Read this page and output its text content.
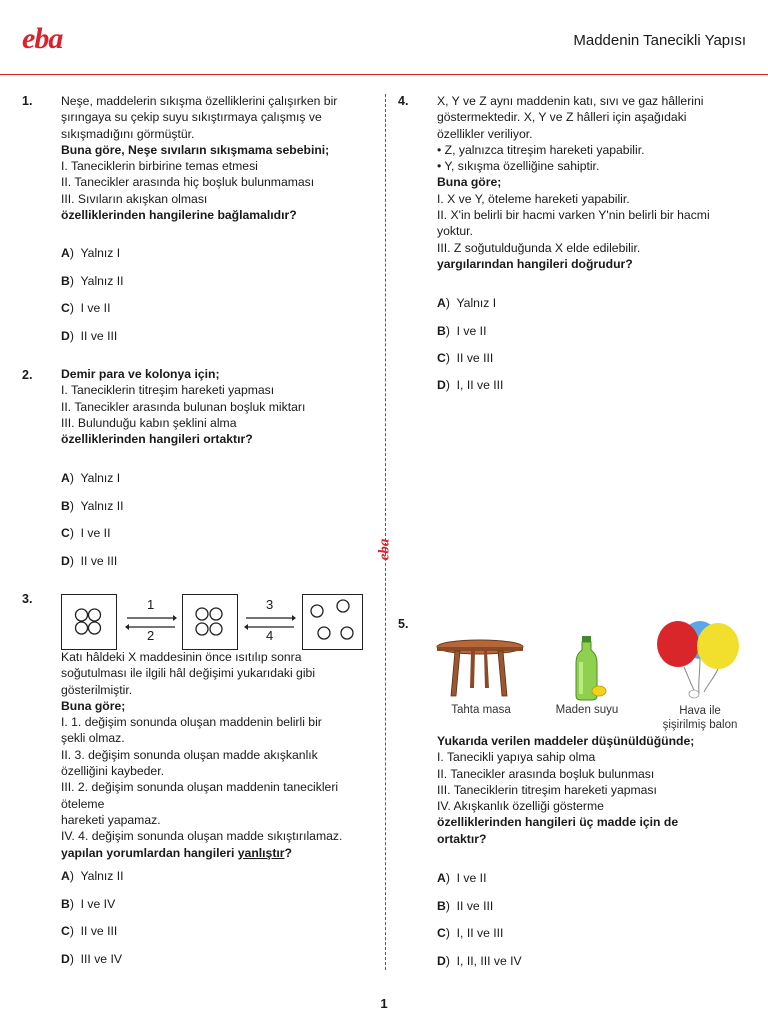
eba	Maddenin Tanecikli Yapısı
eba
1. Neşe, maddelerin sıkışma özelliklerini çalışırken bir

şırıngaya su çekip suyu sıkıştırmaya çalışmış ve

sıkışmadığını görmüştür.

Buna göre, Neşe sıvıların sıkışmama sebebini;

I. Taneciklerin birbirine temas etmesi

II. Tanecikler arasında hiç boşluk bulunmaması

III. Sıvıların akışkan olması

özelliklerinden hangilerine bağlamalıdır?

A)  Yalnız I
B)  Yalnız II
C)  I ve II
D)  II ve III
2. Demir para ve kolonya için;

I. Taneciklerin titreşim hareketi yapması

II. Tanecikler arasında bulunan boşluk miktarı

III. Bulunduğu kabın şeklini alma

özelliklerinden hangileri ortaktır?

A)  Yalnız I
B)  Yalnız II
C)  I ve II
D)  II ve III
3.	1
2
3
4

Katı hâldeki X maddesinin önce ısıtılıp sonra

soğutulması ile ilgili hâl değişimi yukarıdaki gibi

gösterilmiştir.

Buna göre;

I. 1. değişim sonunda oluşan maddenin belirli bir

şekli olmaz.

II. 3. değişim sonunda oluşan madde akışkanlık

özelliğini kaybeder.

III. 2. değişim sonunda oluşan maddenin tanecikleri öteleme

hareketi yapamaz.

IV. 4. değişim sonunda oluşan madde sıkıştırılamaz.

yapılan yorumlardan hangileri yanlıştır?

A)  Yalnız II
B)  I ve IV
C)  II ve III
D)  III ve IV
4. X, Y ve Z aynı maddenin katı, sıvı ve gaz hâllerini

göstermektedir. X, Y ve Z hâlleri için aşağıdaki

özellikler veriliyor.

• Z, yalnızca titreşim hareketi yapabilir.

• Y, sıkışma özelliğine sahiptir.

Buna göre;

I. X ve Y, öteleme hareketi yapabilir.

II. X'in belirli bir hacmi varken Y'nin belirli bir hacmi

yoktur.

III. Z soğutulduğunda X elde edilebilir.

yargılarından hangileri doğrudur?

A)  Yalnız I
B)  I ve II
C)  II ve III
D)  I, II ve III
5.
Tahta masa	Maden suyu	Hava ile
şişirilmiş balon

Yukarıda verilen maddeler düşünüldüğünde;

I. Tanecikli yapıya sahip olma

II. Tanecikler arasında boşluk bulunması

III. Taneciklerin titreşim hareketi yapması

IV. Akışkanlık özelliği gösterme

özelliklerinden hangileri üç madde için de

ortaktır?

A)  I ve II
B)  II ve III
C)  I, II ve III
D)  I, II, III ve IV
1
